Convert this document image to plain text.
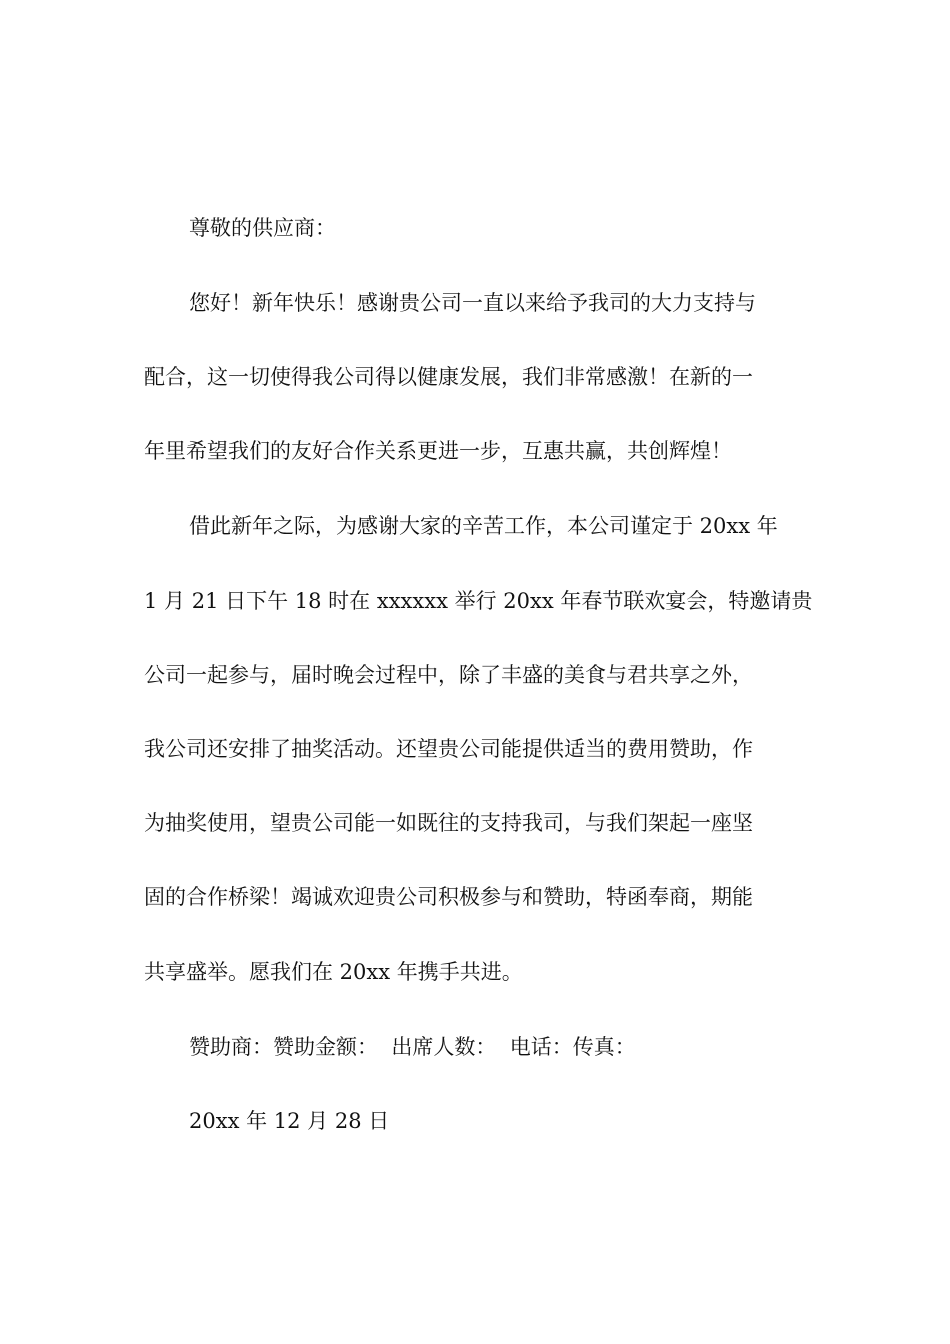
尊敬的供应商：
您好！新年快乐！感谢贵公司一直以来给予我司的大力支持与
配合，这一切使得我公司得以健康发展，我们非常感激！在新的一
年里希望我们的友好合作关系更进一步，互惠共赢，共创辉煌！
借此新年之际，为感谢大家的辛苦工作，本公司谨定于 20xx 年
1 月 21 日下午 18 时在 xxxxxx 举行 20xx 年春节联欢宴会，特邀请贵
公司一起参与，届时晚会过程中，除了丰盛的美食与君共享之外，
我公司还安排了抽奖活动。还望贵公司能提供适当的费用赞助，作
为抽奖使用，望贵公司能一如既往的支持我司，与我们架起一座坚
固的合作桥梁！竭诚欢迎贵公司积极参与和赞助，特函奉商，期能
共享盛举。愿我们在 20xx 年携手共进。
赞助商：赞助金额：  出席人数：  电话：传真：
20xx 年 12 月 28 日
